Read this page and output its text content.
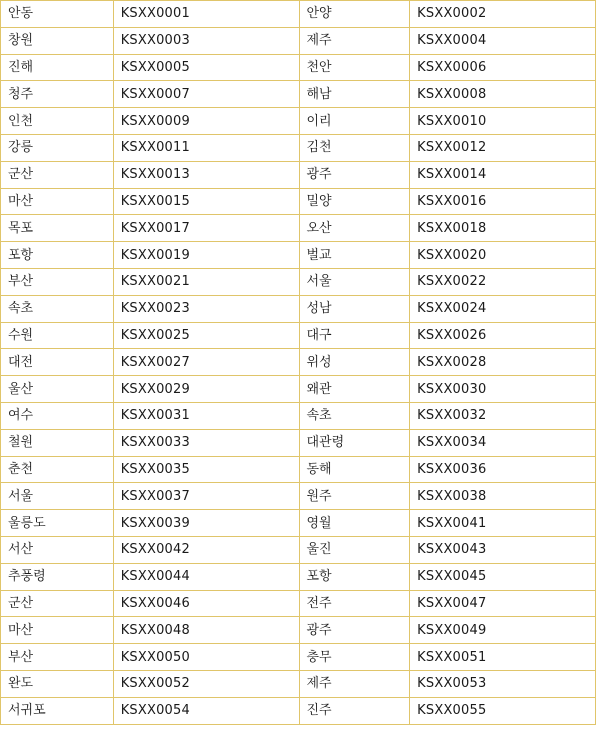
안동	KSXX0001	안양	KSXX0002
창원	KSXX0003	제주	KSXX0004
진해	KSXX0005	천안	KSXX0006
청주	KSXX0007	해남	KSXX0008
인천	KSXX0009	이리	KSXX0010
강릉	KSXX0011	김천	KSXX0012
군산	KSXX0013	광주	KSXX0014
마산	KSXX0015	밀양	KSXX0016
목포	KSXX0017	오산	KSXX0018
포항	KSXX0019	벌교	KSXX0020
부산	KSXX0021	서울	KSXX0022
속초	KSXX0023	성남	KSXX0024
수원	KSXX0025	대구	KSXX0026
대전	KSXX0027	위성	KSXX0028
울산	KSXX0029	왜관	KSXX0030
여수	KSXX0031	속초	KSXX0032
철원	KSXX0033	대관령	KSXX0034
춘천	KSXX0035	동해	KSXX0036
서울	KSXX0037	원주	KSXX0038
울릉도	KSXX0039	영월	KSXX0041
서산	KSXX0042	울진	KSXX0043
추풍령	KSXX0044	포항	KSXX0045
군산	KSXX0046	전주	KSXX0047
마산	KSXX0048	광주	KSXX0049
부산	KSXX0050	충무	KSXX0051
완도	KSXX0052	제주	KSXX0053
서귀포	KSXX0054	진주	KSXX0055
